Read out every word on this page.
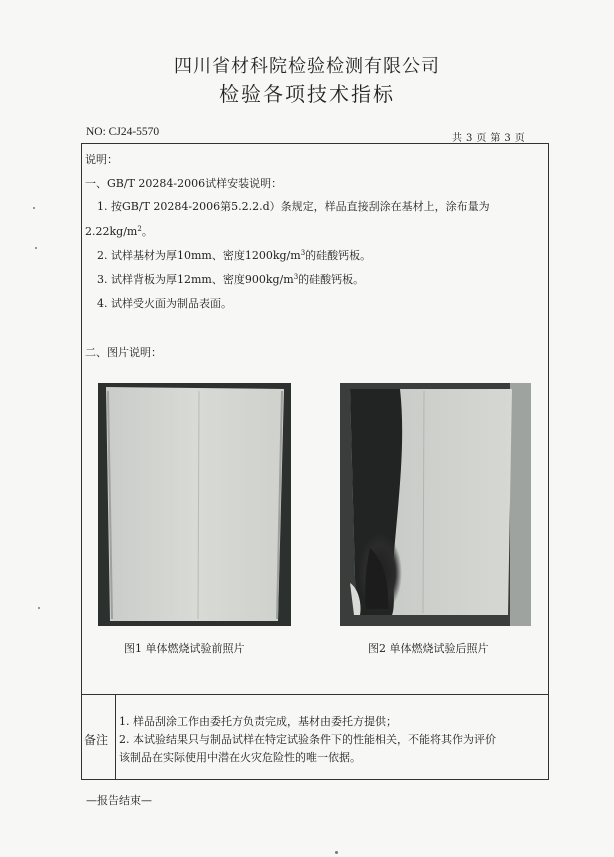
四川省材科院检验检测有限公司
检验各项技术指标
NO: CJ24-5570
共 3 页 第 3 页
说明：
一、GB/T 20284-2006试样安装说明：
1. 按GB/T 20284-2006第5.2.2.d）条规定，样品直接刮涂在基材上，涂布量为
$2.22kg/m^2$。
2. 试样基材为厚10mm、密度$1200kg/m^3$的硅酸钙板。
3. 试样背板为厚12mm、密度$900kg/m^3$的硅酸钙板。
4. 试样受火面为制品表面。
二、图片说明：
图1 单体燃烧试验前照片	图2 单体燃烧试验后照片
备注
1. 样品刮涂工作由委托方负责完成，基材由委托方提供；
2. 本试验结果只与制品试样在特定试验条件下的性能相关，不能将其作为评价
该制品在实际使用中潜在火灾危险性的唯一依据。
—报告结束—
